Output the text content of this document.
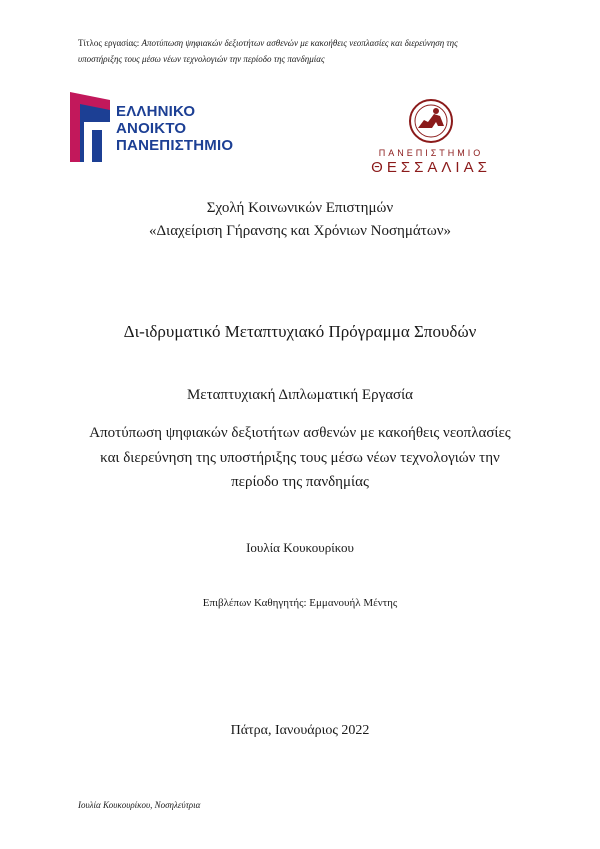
Τίτλος εργασίας: Αποτύπωση ψηφιακών δεξιοτήτων ασθενών με κακοήθεις νεοπλασίες και διερεύνηση της
υποστήριξης τους μέσω νέων τεχνολογιών την περίοδο της πανδημίας
ΕΛΛΗΝΙΚΟ
ΑΝΟΙΚΤΟ
ΠΑΝΕΠΙΣΤΗΜΙΟ	ΠΑΝΕΠΙΣΤΗΜΙΟ
ΘΕΣΣΑΛΙΑΣ
Σχολή Κοινωνικών Επιστημών
«Διαχείριση Γήρανσης και Χρόνιων Νοσημάτων»
Δι-ιδρυματικό Μεταπτυχιακό Πρόγραμμα Σπουδών
Μεταπτυχιακή Διπλωματική Εργασία
Αποτύπωση ψηφιακών δεξιοτήτων ασθενών με κακοήθεις νεοπλασίες
και διερεύνηση της υποστήριξης τους μέσω νέων τεχνολογιών την
περίοδο της πανδημίας
Ιουλία Κουκουρίκου
Επιβλέπων Καθηγητής: Εμμανουήλ Μέντης
Πάτρα, Ιανουάριος 2022
Ιουλία Κουκουρίκου, Νοσηλεύτρια
